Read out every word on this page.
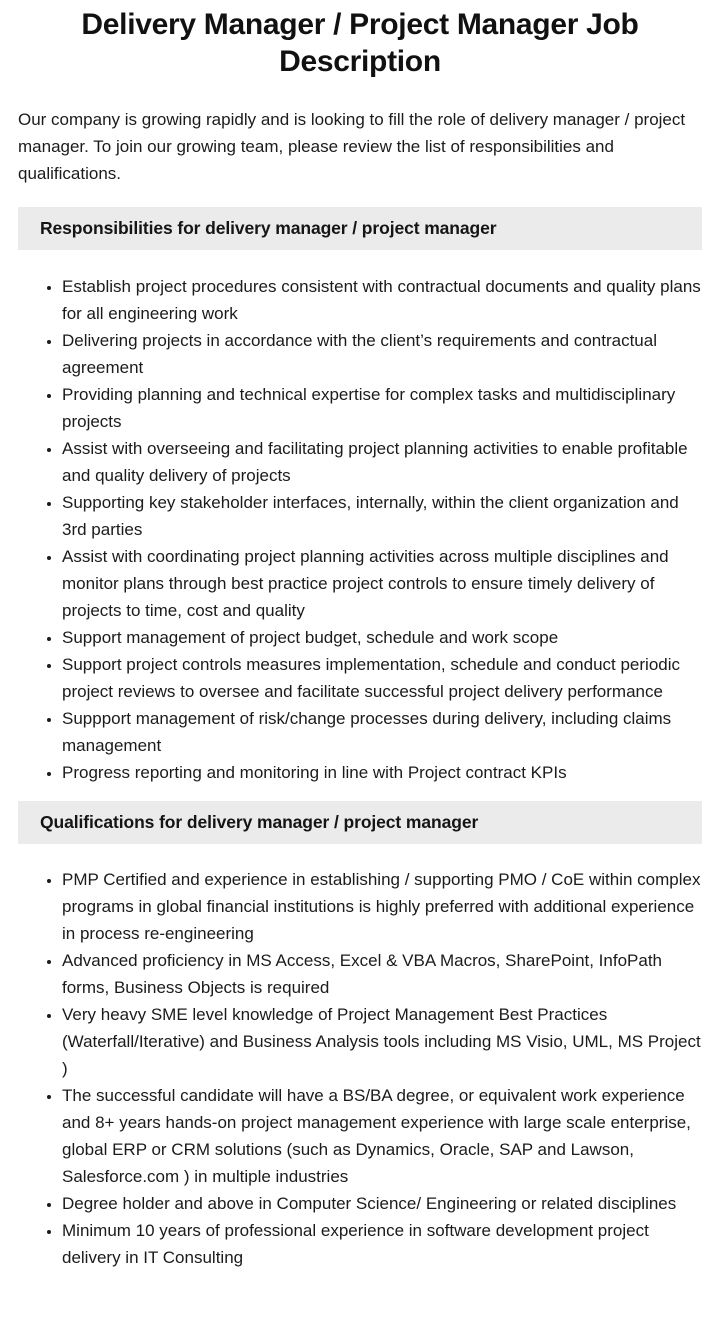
Delivery Manager / Project Manager Job Description

Our company is growing rapidly and is looking to fill the role of delivery manager / project manager. To join our growing team, please review the list of responsibilities and qualifications.

Responsibilities for delivery manager / project manager
• Establish project procedures consistent with contractual documents and quality plans for all engineering work
• Delivering projects in accordance with the client’s requirements and contractual agreement
• Providing planning and technical expertise for complex tasks and multidisciplinary projects
• Assist with overseeing and facilitating project planning activities to enable profitable and quality delivery of projects
• Supporting key stakeholder interfaces, internally, within the client organization and 3rd parties
• Assist with coordinating project planning activities across multiple disciplines and monitor plans through best practice project controls to ensure timely delivery of projects to time, cost and quality
• Support management of project budget, schedule and work scope
• Support project controls measures implementation, schedule and conduct periodic project reviews to oversee and facilitate successful project delivery performance
• Suppport management of risk/change processes during delivery, including claims management
• Progress reporting and monitoring in line with Project contract KPIs
Qualifications for delivery manager / project manager
• PMP Certified and experience in establishing / supporting PMO / CoE within complex programs in global financial institutions is highly preferred with additional experience in process re-engineering
• Advanced proficiency in MS Access, Excel & VBA Macros, SharePoint, InfoPath forms, Business Objects is required
• Very heavy SME level knowledge of Project Management Best Practices (Waterfall/Iterative) and Business Analysis tools including MS Visio, UML, MS Project )
• The successful candidate will have a BS/BA degree, or equivalent work experience and 8+ years hands-on project management experience with large scale enterprise, global ERP or CRM solutions (such as Dynamics, Oracle, SAP and Lawson, Salesforce.com ) in multiple industries
• Degree holder and above in Computer Science/ Engineering or related disciplines
• Minimum 10 years of professional experience in software development project delivery in IT Consulting
